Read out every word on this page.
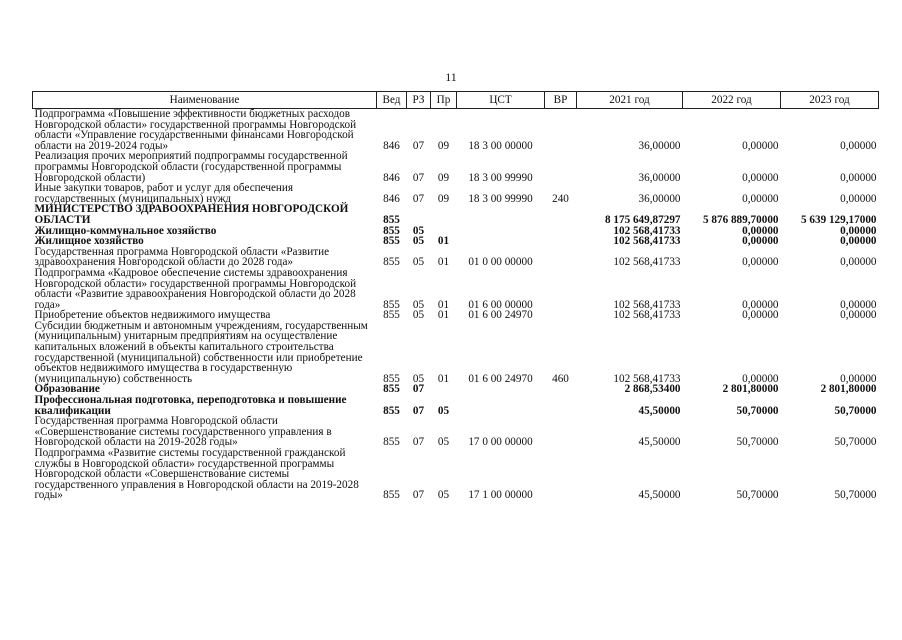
11
Наименование	Вед	РЗ	Пр	ЦСТ	ВР	2021 год	2022 год	2023 год
Подпрограмма «Повышение эффективности бюджетных расходов Новгородской области» государственной программы Новгородской области «Управление государственными финансами Новгородской области на 2019-2024 годы»	846	07	09	18 3 00 00000		36,00000	0,00000	0,00000
Реализация прочих мероприятий подпрограммы государственной программы Новгородской области (государственной программы Новгородской области)	846	07	09	18 3 00 99990		36,00000	0,00000	0,00000
Иные закупки товаров, работ и услуг для обеспечения государственных (муниципальных) нужд	846	07	09	18 3 00 99990	240	36,00000	0,00000	0,00000
МИНИСТЕРСТВО ЗДРАВООХРАНЕНИЯ НОВГОРОДСКОЙ ОБЛАСТИ	855					8 175 649,87297	5 876 889,70000	5 639 129,17000
Жилищно-коммунальное хозяйство	855	05				102 568,41733	0,00000	0,00000
Жилищное хозяйство	855	05	01			102 568,41733	0,00000	0,00000
Государственная программа Новгородской области «Развитие здравоохранения Новгородской области до 2028 года»	855	05	01	01 0 00 00000		102 568,41733	0,00000	0,00000
Подпрограмма «Кадровое обеспечение системы здравоохранения Новгородской области» государственной программы Новгородской области «Развитие здравоохранения Новгородской области до 2028 года»	855	05	01	01 6 00 00000		102 568,41733	0,00000	0,00000
Приобретение объектов недвижимого имущества	855	05	01	01 6 00 24970		102 568,41733	0,00000	0,00000
Субсидии бюджетным и автономным учреждениям, государственным (муниципальным) унитарным предприятиям на осуществление капитальных вложений в объекты капитального строительства государственной (муниципальной) собственности или приобретение объектов недвижимого имущества в государственную (муниципальную) собственность	855	05	01	01 6 00 24970	460	102 568,41733	0,00000	0,00000
Образование	855	07				2 868,53400	2 801,80000	2 801,80000
Профессиональная подготовка, переподготовка и повышение квалификации	855	07	05			45,50000	50,70000	50,70000
Государственная программа Новгородской области «Совершенствование системы государственного управления в Новгородской области на 2019-2028 годы»	855	07	05	17 0 00 00000		45,50000	50,70000	50,70000
Подпрограмма «Развитие системы государственной гражданской службы в Новгородской области» государственной программы Новгородской области «Совершенствование системы государственного управления в Новгородской области на 2019-2028 годы»	855	07	05	17 1 00 00000		45,50000	50,70000	50,70000
